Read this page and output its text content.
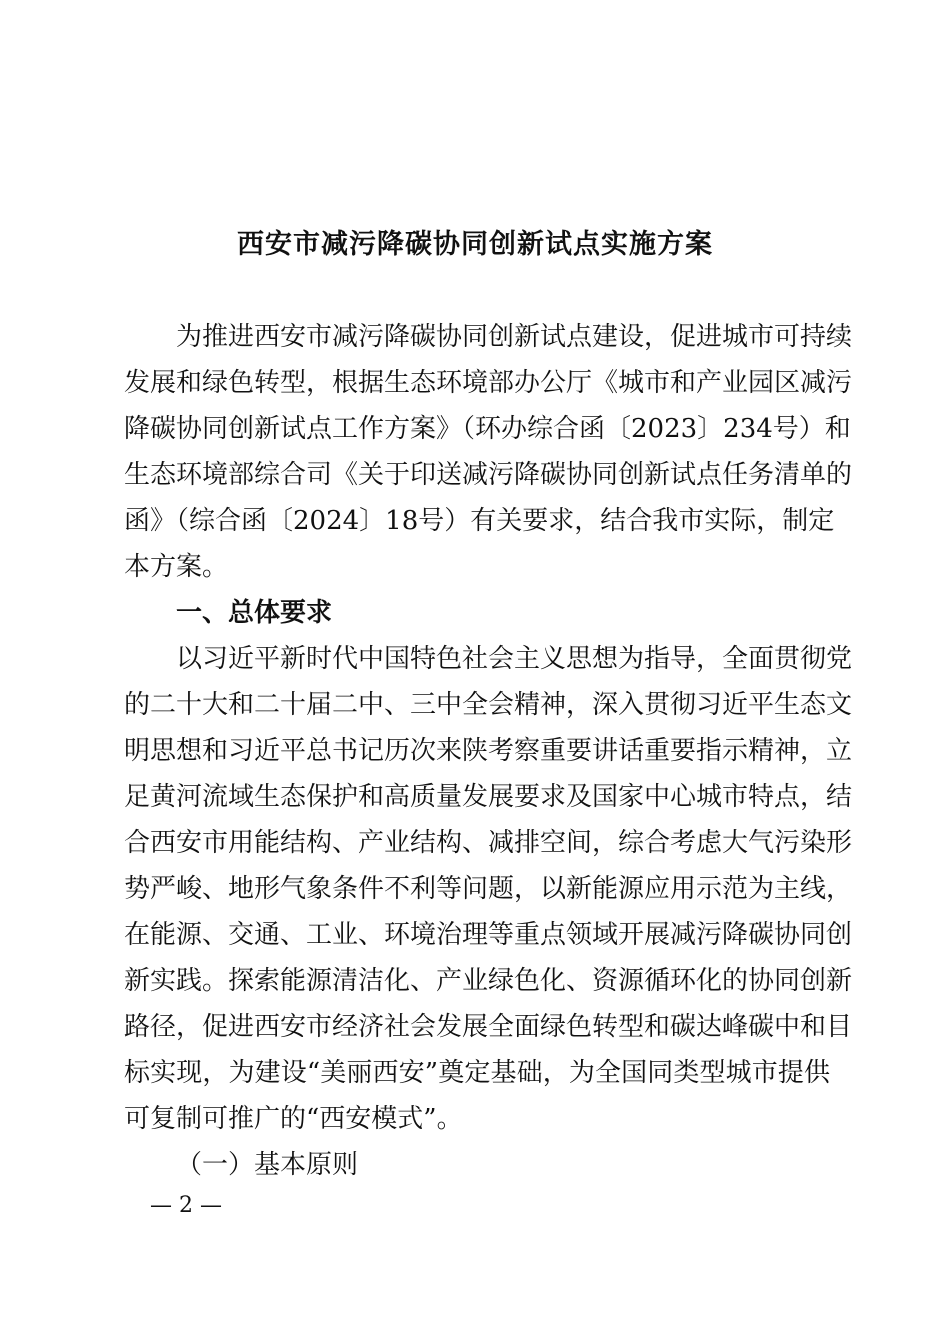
西安市减污降碳协同创新试点实施方案
为推进西安市减污降碳协同创新试点建设，促进城市可持续
发展和绿色转型，根据生态环境部办公厅《城市和产业园区减污
降碳协同创新试点工作方案》（环办综合函〔2023〕234号）和
生态环境部综合司《关于印送减污降碳协同创新试点任务清单的
函》（综合函〔2024〕18号）有关要求，结合我市实际，制定
本方案。
一、总体要求
以习近平新时代中国特色社会主义思想为指导，全面贯彻党
的二十大和二十届二中、三中全会精神，深入贯彻习近平生态文
明思想和习近平总书记历次来陕考察重要讲话重要指示精神，立
足黄河流域生态保护和高质量发展要求及国家中心城市特点，结
合西安市用能结构、产业结构、减排空间，综合考虑大气污染形
势严峻、地形气象条件不利等问题，以新能源应用示范为主线，
在能源、交通、工业、环境治理等重点领域开展减污降碳协同创
新实践。探索能源清洁化、产业绿色化、资源循环化的协同创新
路径，促进西安市经济社会发展全面绿色转型和碳达峰碳中和目
标实现，为建设“美丽西安”奠定基础，为全国同类型城市提供
可复制可推广的“西安模式”。
（一）基本原则
— 2 —
